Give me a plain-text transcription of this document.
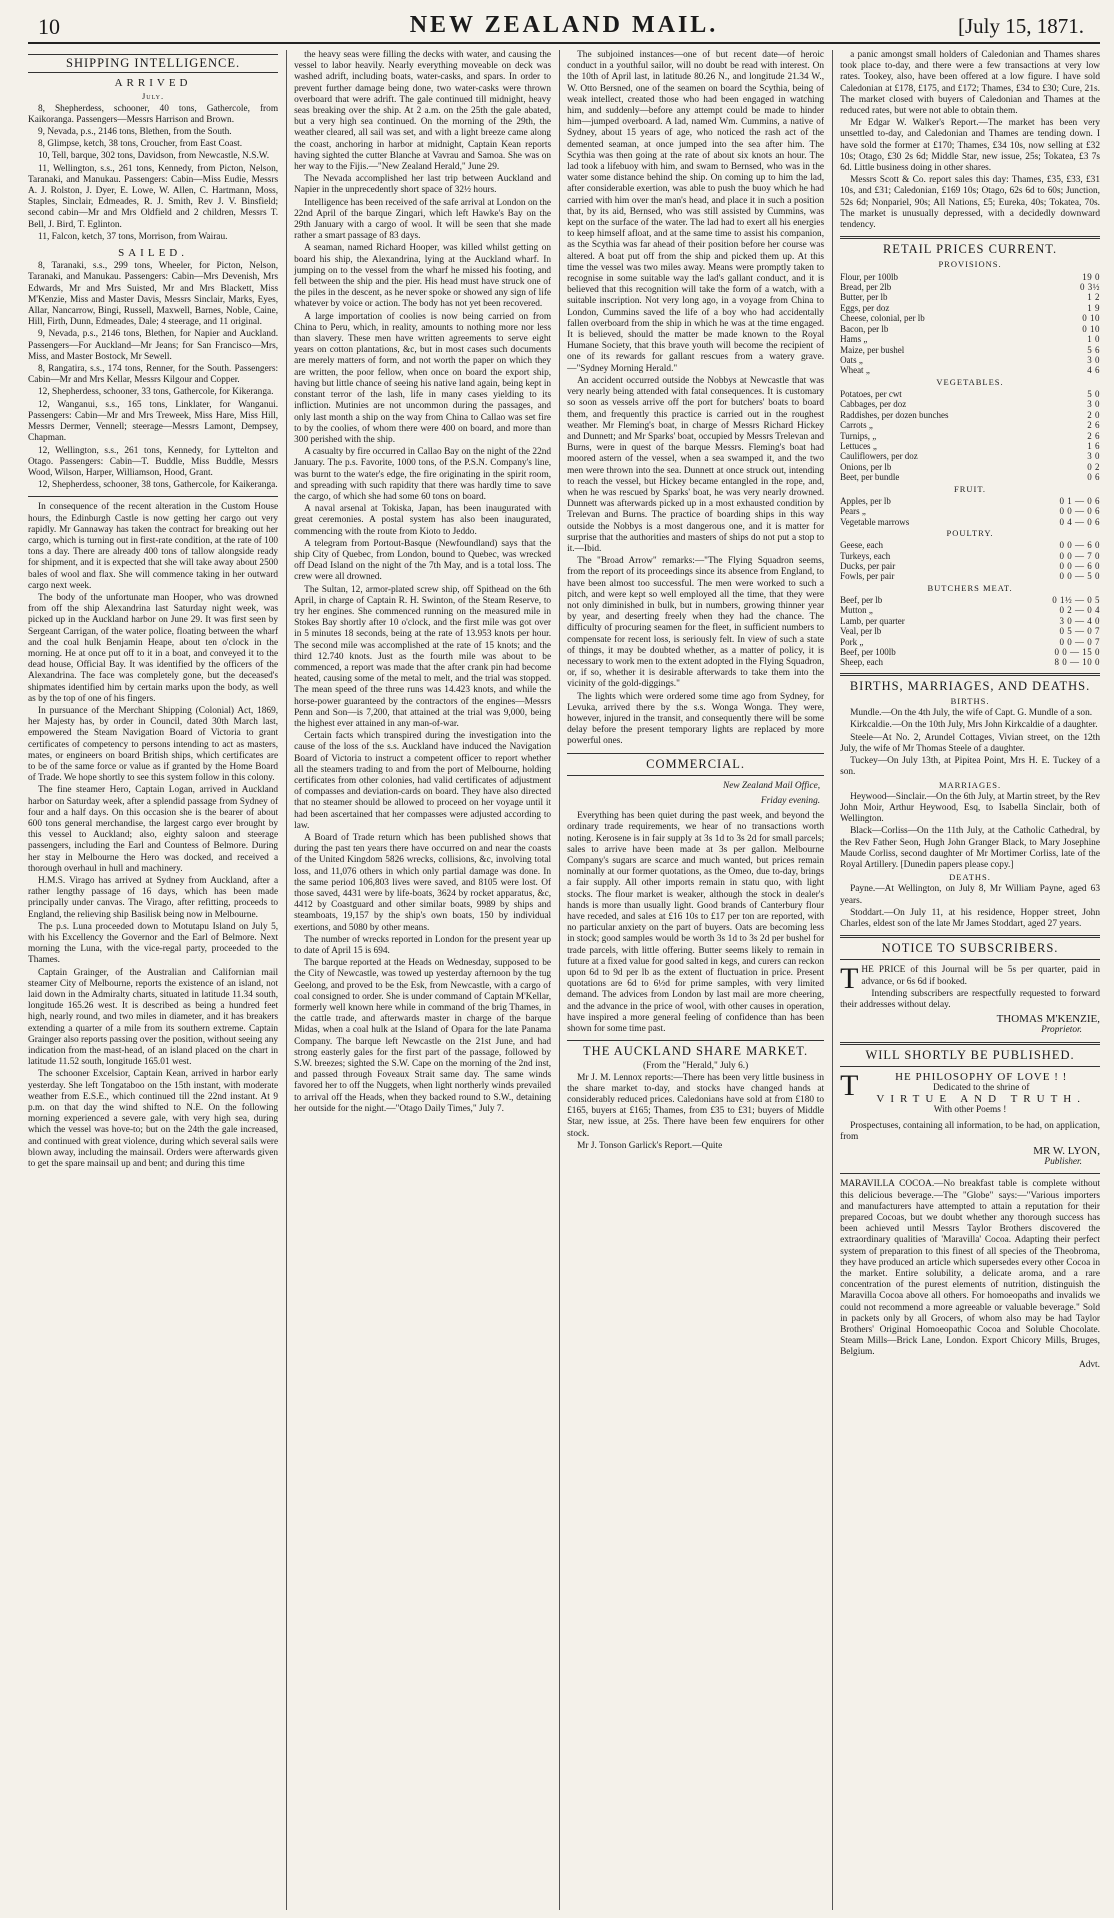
10	NEW ZEALAND MAIL.	[July 15, 1871.
SHIPPING INTELLIGENCE.
ARRIVED
July.

8, Shepherdess, schooner, 40 tons, Gathercole, from Kaikoranga. Passengers—Messrs Harrison and Brown.

9, Nevada, p.s., 2146 tons, Blethen, from the South.

8, Glimpse, ketch, 38 tons, Croucher, from East Coast.

10, Tell, barque, 302 tons, Davidson, from Newcastle, N.S.W.

11, Wellington, s.s., 261 tons, Kennedy, from Picton, Nelson, Taranaki, and Manukau. Passengers: Cabin—Miss Eudie, Messrs A. J. Rolston, J. Dyer, E. Lowe, W. Allen, C. Hartmann, Moss, Staples, Sinclair, Edmeades, R. J. Smith, Rev J. V. Binsfield; second cabin—Mr and Mrs Oldfield and 2 children, Messrs T. Bell, J. Bird, T. Eglinton.

11, Falcon, ketch, 37 tons, Morrison, from Wairau.

SAILED.

8, Taranaki, s.s., 299 tons, Wheeler, for Picton, Nelson, Taranaki, and Manukau. Passengers: Cabin—Mrs Devenish, Mrs Edwards, Mr and Mrs Suisted, Mr and Mrs Blackett, Miss M'Kenzie, Miss and Master Davis, Messrs Sinclair, Marks, Eyes, Allar, Nancarrow, Bingi, Russell, Maxwell, Barnes, Noble, Caine, Hill, Firth, Dunn, Edmeades, Dale; 4 steerage, and 11 original.

9, Nevada, p.s., 2146 tons, Blethen, for Napier and Auckland. Passengers—For Auckland—Mr Jeans; for San Francisco—Mrs, Miss, and Master Bostock, Mr Sewell.

8, Rangatira, s.s., 174 tons, Renner, for the South. Passengers: Cabin—Mr and Mrs Kellar, Messrs Kilgour and Copper.

12, Shepherdess, schooner, 33 tons, Gathercole, for Kikeranga.

12, Wanganui, s.s., 165 tons, Linklater, for Wanganui. Passengers: Cabin—Mr and Mrs Treweek, Miss Hare, Miss Hill, Messrs Dermer, Vennell; steerage—Messrs Lamont, Dempsey, Chapman.

12, Wellington, s.s., 261 tons, Kennedy, for Lyttelton and Otago. Passengers: Cabin—T. Buddle, Miss Buddle, Messrs Wood, Wilson, Harper, Williamson, Hood, Grant.

12, Shepherdess, schooner, 38 tons, Gathercole, for Kaikeranga.

In consequence of the recent alteration in the Custom House hours, the Edinburgh Castle is now getting her cargo out very rapidly. Mr Gannaway has taken the contract for breaking out her cargo, which is turning out in first-rate condition, at the rate of 100 tons a day. There are already 400 tons of tallow alongside ready for shipment, and it is expected that she will take away about 2500 bales of wool and flax. She will commence taking in her outward cargo next week.

The body of the unfortunate man Hooper, who was drowned from off the ship Alexandrina last Saturday night week, was picked up in the Auckland harbor on June 29. It was first seen by Sergeant Carrigan, of the water police, floating between the wharf and the coal hulk Benjamin Heape, about ten o'clock in the morning. He at once put off to it in a boat, and conveyed it to the dead house, Official Bay. It was identified by the officers of the Alexandrina. The face was completely gone, but the deceased's shipmates identified him by certain marks upon the body, as well as by the top of one of his fingers.

In pursuance of the Merchant Shipping (Colonial) Act, 1869, her Majesty has, by order in Council, dated 30th March last, empowered the Steam Navigation Board of Victoria to grant certificates of competency to persons intending to act as masters, mates, or engineers on board British ships, which certificates are to be of the same force or value as if granted by the Home Board of Trade. We hope shortly to see this system follow in this colony.

The fine steamer Hero, Captain Logan, arrived in Auckland harbor on Saturday week, after a splendid passage from Sydney of four and a half days. On this occasion she is the bearer of about 600 tons general merchandise, the largest cargo ever brought by this vessel to Auckland; also, eighty saloon and steerage passengers, including the Earl and Countess of Belmore. During her stay in Melbourne the Hero was docked, and received a thorough overhaul in hull and machinery.

H.M.S. Virago has arrived at Sydney from Auckland, after a rather lengthy passage of 16 days, which has been made principally under canvas. The Virago, after refitting, proceeds to England, the relieving ship Basilisk being now in Melbourne.

The p.s. Luna proceeded down to Motutapu Island on July 5, with his Excellency the Governor and the Earl of Belmore. Next morning the Luna, with the vice-regal party, proceeded to the Thames.

Captain Grainger, of the Australian and Californian mail steamer City of Melbourne, reports the existence of an island, not laid down in the Admiralty charts, situated in latitude 11.34 south, longitude 165.26 west. It is described as being a hundred feet high, nearly round, and two miles in diameter, and it has breakers extending a quarter of a mile from its southern extreme. Captain Grainger also reports passing over the position, without seeing any indication from the mast-head, of an island placed on the chart in latitude 11.52 south, longitude 165.01 west.

The schooner Excelsior, Captain Kean, arrived in harbor early yesterday. She left Tongataboo on the 15th instant, with moderate weather from E.S.E., which continued till the 22nd instant. At 9 p.m. on that day the wind shifted to N.E. On the following morning experienced a severe gale, with very high sea, during which the vessel was hove-to; but on the 24th the gale increased, and continued with great violence, during which several sails were blown away, including the mainsail. Orders were afterwards given to get the spare mainsail up and bent; and during this time

the heavy seas were filling the decks with water, and causing the vessel to labor heavily. Nearly everything moveable on deck was washed adrift, including boats, water-casks, and spars. In order to prevent further damage being done, two water-casks were thrown overboard that were adrift. The gale continued till midnight, heavy seas breaking over the ship. At 2 a.m. on the 25th the gale abated, but a very high sea continued. On the morning of the 29th, the weather cleared, all sail was set, and with a light breeze came along the coast, anchoring in harbor at midnight, Captain Kean reports having sighted the cutter Blanche at Vavrau and Samoa. She was on her way to the Fijis.—"New Zealand Herald," June 29.

The Nevada accomplished her last trip between Auckland and Napier in the unprecedently short space of 32½ hours.

Intelligence has been received of the safe arrival at London on the 22nd April of the barque Zingari, which left Hawke's Bay on the 29th January with a cargo of wool. It will be seen that she made rather a smart passage of 83 days.

A seaman, named Richard Hooper, was killed whilst getting on board his ship, the Alexandrina, lying at the Auckland wharf. In jumping on to the vessel from the wharf he missed his footing, and fell between the ship and the pier. His head must have struck one of the piles in the descent, as he never spoke or showed any sign of life whatever by voice or action. The body has not yet been recovered.

A large importation of coolies is now being carried on from China to Peru, which, in reality, amounts to nothing more nor less than slavery. These men have written agreements to serve eight years on cotton plantations, &c, but in most cases such documents are merely matters of form, and not worth the paper on which they are written, the poor fellow, when once on board the export ship, having but little chance of seeing his native land again, being kept in constant terror of the lash, life in many cases yielding to its infliction. Mutinies are not uncommon during the passages, and only last month a ship on the way from China to Callao was set fire to by the coolies, of whom there were 400 on board, and more than 300 perished with the ship.

A casualty by fire occurred in Callao Bay on the night of the 22nd January. The p.s. Favorite, 1000 tons, of the P.S.N. Company's line, was burnt to the water's edge, the fire originating in the spirit room, and spreading with such rapidity that there was hardly time to save the cargo, of which she had some 60 tons on board.

A naval arsenal at Tokiska, Japan, has been inaugurated with great ceremonies. A postal system has also been inaugurated, commencing with the route from Kioto to Jeddo.

A telegram from Portout-Basque (Newfoundland) says that the ship City of Quebec, from London, bound to Quebec, was wrecked off Dead Island on the night of the 7th May, and is a total loss. The crew were all drowned.

The Sultan, 12, armor-plated screw ship, off Spithead on the 6th April, in charge of Captain R. H. Swinton, of the Steam Reserve, to try her engines. She commenced running on the measured mile in Stokes Bay shortly after 10 o'clock, and the first mile was got over in 5 minutes 18 seconds, being at the rate of 13.953 knots per hour. The second mile was accomplished at the rate of 15 knots; and the third 12.740 knots. Just as the fourth mile was about to be commenced, a report was made that the after crank pin had become heated, causing some of the metal to melt, and the trial was stopped. The mean speed of the three runs was 14.423 knots, and while the horse-power guaranteed by the contractors of the engines—Messrs Penn and Son—is 7,200, that attained at the trial was 9,000, being the highest ever attained in any man-of-war.

Certain facts which transpired during the investigation into the cause of the loss of the s.s. Auckland have induced the Navigation Board of Victoria to instruct a competent officer to report whether all the steamers trading to and from the port of Melbourne, holding certificates from other colonies, had valid certificates of adjustment of compasses and deviation-cards on board. They have also directed that no steamer should be allowed to proceed on her voyage until it had been ascertained that her compasses were adjusted according to law.

A Board of Trade return which has been published shows that during the past ten years there have occurred on and near the coasts of the United Kingdom 5826 wrecks, collisions, &c, involving total loss, and 11,076 others in which only partial damage was done. In the same period 106,803 lives were saved, and 8105 were lost. Of those saved, 4431 were by life-boats, 3624 by rocket apparatus, &c, 4412 by Coastguard and other similar boats, 9989 by ships and steamboats, 19,157 by the ship's own boats, 150 by individual exertions, and 5080 by other means.

The number of wrecks reported in London for the present year up to date of April 15 is 694.

The barque reported at the Heads on Wednesday, supposed to be the City of Newcastle, was towed up yesterday afternoon by the tug Geelong, and proved to be the Esk, from Newcastle, with a cargo of coal consigned to order. She is under command of Captain M'Kellar, formerly well known here while in command of the brig Thames, in the cattle trade, and afterwards master in charge of the barque Midas, when a coal hulk at the Island of Opara for the late Panama Company. The barque left Newcastle on the 21st June, and had strong easterly gales for the first part of the passage, followed by S.W. breezes; sighted the S.W. Cape on the morning of the 2nd inst, and passed through Foveaux Strait same day. The same winds favored her to off the Nuggets, when light northerly winds prevailed to arrival off the Heads, when they backed round to S.W., detaining her outside for the night.—"Otago Daily Times," July 7.

The subjoined instances—one of but recent date—of heroic conduct in a youthful sailor, will no doubt be read with interest. On the 10th of April last, in latitude 80.26 N., and longitude 21.34 W., W. Otto Bersned, one of the seamen on board the Scythia, being of weak intellect, created those who had been engaged in watching him, and suddenly—before any attempt could be made to hinder him—jumped overboard. A lad, named Wm. Cummins, a native of Sydney, about 15 years of age, who noticed the rash act of the demented seaman, at once jumped into the sea after him. The Scythia was then going at the rate of about six knots an hour. The lad took a lifebuoy with him, and swam to Bernsed, who was in the water some distance behind the ship. On coming up to him the lad, after considerable exertion, was able to push the buoy which he had carried with him over the man's head, and place it in such a position that, by its aid, Bernsed, who was still assisted by Cummins, was kept on the surface of the water. The lad had to exert all his energies to keep himself afloat, and at the same time to assist his companion, as the Scythia was far ahead of their position before her course was altered. A boat put off from the ship and picked them up. At this time the vessel was two miles away. Means were promptly taken to recognise in some suitable way the lad's gallant conduct, and it is believed that this recognition will take the form of a watch, with a suitable inscription. Not very long ago, in a voyage from China to London, Cummins saved the life of a boy who had accidentally fallen overboard from the ship in which he was at the time engaged. It is believed, should the matter be made known to the Royal Humane Society, that this brave youth will become the recipient of one of its rewards for gallant rescues from a watery grave.—"Sydney Morning Herald."

An accident occurred outside the Nobbys at Newcastle that was very nearly being attended with fatal consequences. It is customary so soon as vessels arrive off the port for butchers' boats to board them, and frequently this practice is carried out in the roughest weather. Mr Fleming's boat, in charge of Messrs Richard Hickey and Dunnett; and Mr Sparks' boat, occupied by Messrs Trelevan and Burns, were in quest of the barque Messrs. Fleming's boat had moored astern of the vessel, when a sea swamped it, and the two men were thrown into the sea. Dunnett at once struck out, intending to reach the vessel, but Hickey became entangled in the rope, and, when he was rescued by Sparks' boat, he was very nearly drowned. Dunnett was afterwards picked up in a most exhausted condition by Trelevan and Burns. The practice of boarding ships in this way outside the Nobbys is a most dangerous one, and it is matter for surprise that the authorities and masters of ships do not put a stop to it.—Ibid.

The "Broad Arrow" remarks:—"The Flying Squadron seems, from the report of its proceedings since its absence from England, to have been almost too successful. The men were worked to such a pitch, and were kept so well employed all the time, that they were not only diminished in bulk, but in numbers, growing thinner year by year, and deserting freely when they had the chance. The difficulty of procuring seamen for the fleet, in sufficient numbers to compensate for recent loss, is seriously felt. In view of such a state of things, it may be doubted whether, as a matter of policy, it is necessary to work men to the extent adopted in the Flying Squadron, or, if so, whether it is desirable afterwards to take them into the vicinity of the gold-diggings."

The lights which were ordered some time ago from Sydney, for Levuka, arrived there by the s.s. Wonga Wonga. They were, however, injured in the transit, and consequently there will be some delay before the present temporary lights are replaced by more powerful ones.

COMMERCIAL.
New Zealand Mail Office,
Friday evening.

Everything has been quiet during the past week, and beyond the ordinary trade requirements, we hear of no transactions worth noting. Kerosene is in fair supply at 3s 1d to 3s 2d for small parcels; sales to arrive have been made at 3s per gallon. Melbourne Company's sugars are scarce and much wanted, but prices remain nominally at our former quotations, as the Omeo, due to-day, brings a fair supply. All other imports remain in statu quo, with light stocks. The flour market is weaker, although the stock in dealer's hands is more than usually light. Good brands of Canterbury flour have receded, and sales at £16 10s to £17 per ton are reported, with no particular anxiety on the part of buyers. Oats are becoming less in stock; good samples would be worth 3s 1d to 3s 2d per bushel for trade parcels, with little offering. Butter seems likely to remain in future at a fixed value for good salted in kegs, and curers can reckon upon 6d to 9d per lb as the extent of fluctuation in price. Present quotations are 6d to 6½d for prime samples, with very limited demand. The advices from London by last mail are more cheering, and the advance in the price of wool, with other causes in operation, have inspired a more general feeling of confidence than has been shown for some time past.

THE AUCKLAND SHARE MARKET.
(From the "Herald," July 6.)

Mr J. M. Lennox reports:—There has been very little business in the share market to-day, and stocks have changed hands at considerably reduced prices. Caledonians have sold at from £180 to £165, buyers at £165; Thames, from £35 to £31; buyers of Middle Star, new issue, at 25s. There have been few enquirers for other stock.

Mr J. Tonson Garlick's Report.—Quite

a panic amongst small holders of Caledonian and Thames shares took place to-day, and there were a few transactions at very low rates. Tookey, also, have been offered at a low figure. I have sold Caledonian at £178, £175, and £172; Thames, £34 to £30; Cure, 21s. The market closed with buyers of Caledonian and Thames at the reduced rates, but were not able to obtain them.

Mr Edgar W. Walker's Report.—The market has been very unsettled to-day, and Caledonian and Thames are tending down. I have sold the former at £170; Thames, £34 10s, now selling at £32 10s; Otago, £30 2s 6d; Middle Star, new issue, 25s; Tokatea, £3 7s 6d. Little business doing in other shares.

Messrs Scott & Co. report sales this day: Thames, £35, £33, £31 10s, and £31; Caledonian, £169 10s; Otago, 62s 6d to 60s; Junction, 52s 6d; Nonpariel, 90s; All Nations, £5; Eureka, 40s; Tokatea, 70s. The market is unusually depressed, with a decidedly downward tendency.

RETAIL PRICES CURRENT.
PROVISIONS.
Flour, per 100lb	19 0
Bread, per 2lb	0 3½
Butter, per lb	1 2
Eggs, per doz	1 9
Cheese, colonial, per lb	0 10
Bacon, per lb	0 10
Hams „	1 0
Maize, per bushel	5 6
Oats „	3 0
Wheat „	4 6
VEGETABLES.
Potatoes, per cwt	5 0
Cabbages, per doz	3 0
Raddishes, per dozen bunches	2 0
Carrots „	2 6
Turnips, „	2 6
Lettuces „	1 6
Cauliflowers, per doz	3 0
Onions, per lb	0 2
Beet, per bundle	0 6
FRUIT.
Apples, per lb	0 1 — 0 6
Pears „	0 0 — 0 6
Vegetable marrows	0 4 — 0 6
POULTRY.
Geese, each	0 0 — 6 0
Turkeys, each	0 0 — 7 0
Ducks, per pair	0 0 — 6 0
Fowls, per pair	0 0 — 5 0
BUTCHERS MEAT.
Beef, per lb	0 1½ — 0 5
Mutton „	0 2 — 0 4
Lamb, per quarter	3 0 — 4 0
Veal, per lb	0 5 — 0 7
Pork „	0 0 — 0 7
Beef, per 100lb	0 0 — 15 0
Sheep, each	8 0 — 10 0
BIRTHS, MARRIAGES, AND DEATHS.
BIRTHS.

Mundle.—On the 4th July, the wife of Capt. G. Mundle of a son.

Kirkcaldie.—On the 10th July, Mrs John Kirkcaldie of a daughter.

Steele—At No. 2, Arundel Cottages, Vivian street, on the 12th July, the wife of Mr Thomas Steele of a daughter.

Tuckey—On July 13th, at Pipitea Point, Mrs H. E. Tuckey of a son.

MARRIAGES.

Heywood—Sinclair.—On the 6th July, at Martin street, by the Rev John Moir, Arthur Heywood, Esq, to Isabella Sinclair, both of Wellington.

Black—Corliss—On the 11th July, at the Catholic Cathedral, by the Rev Father Seon, Hugh John Granger Black, to Mary Josephine Maude Corliss, second daughter of Mr Mortimer Corliss, late of the Royal Artillery. [Dunedin papers please copy.]

DEATHS.

Payne.—At Wellington, on July 8, Mr William Payne, aged 63 years.

Stoddart.—On July 11, at his residence, Hopper street, John Charles, eldest son of the late Mr James Stoddart, aged 27 years.

NOTICE TO SUBSCRIBERS.

THE PRICE of this Journal will be 5s per quarter, paid in advance, or 6s 6d if booked.

Intending subscribers are respectfully requested to forward their addresses without delay.

THOMAS M'KENZIE,
Proprietor.
WILL SHORTLY BE PUBLISHED.
T	HE PHILOSOPHY OF LOVE ! !
Dedicated to the shrine of
VIRTUE AND TRUTH.
With other Poems !

Prospectuses, containing all information, to be had, on application, from

MR W. LYON,
Publisher.

MARAVILLA COCOA.—No breakfast table is complete without this delicious beverage.—The "Globe" says:—"Various importers and manufacturers have attempted to attain a reputation for their prepared Cocoas, but we doubt whether any thorough success has been achieved until Messrs Taylor Brothers discovered the extraordinary qualities of 'Maravilla' Cocoa. Adapting their perfect system of preparation to this finest of all species of the Theobroma, they have produced an article which supersedes every other Cocoa in the market. Entire solubility, a delicate aroma, and a rare concentration of the purest elements of nutrition, distinguish the Maravilla Cocoa above all others. For homoeopaths and invalids we could not recommend a more agreeable or valuable beverage." Sold in packets only by all Grocers, of whom also may be had Taylor Brothers' Original Homoeopathic Cocoa and Soluble Chocolate. Steam Mills—Brick Lane, London. Export Chicory Mills, Bruges, Belgium.

Advt.
